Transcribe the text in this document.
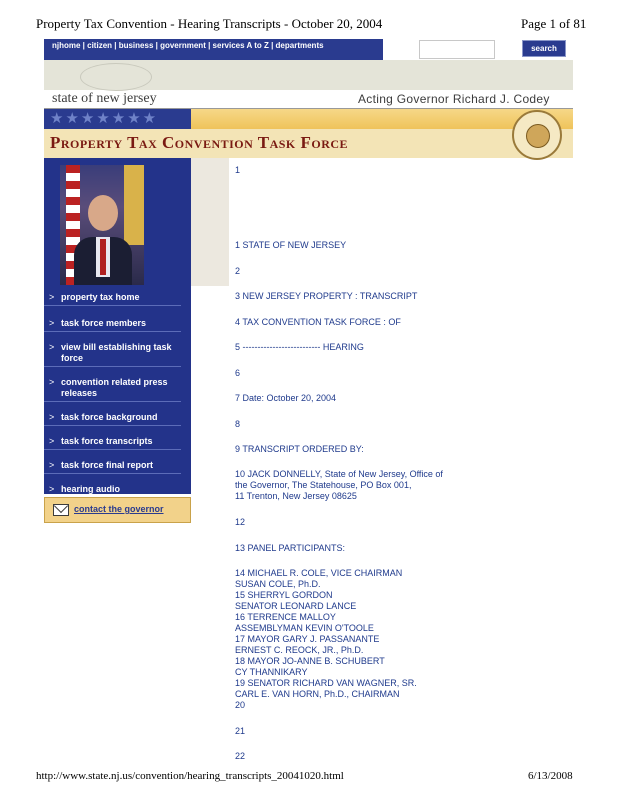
Property Tax Convention - Hearing Transcripts - October 20, 2004	Page 1 of 81
njhome | citizen | business | government | services A to Z | departments	search
state of new jersey	Acting Governor Richard J. Codey
★★★★★★★
Property Tax Convention Task Force
> property tax home
> task force members
> view bill establishing task force
> convention related press releases
> task force background
> task force transcripts
> task force final report
> hearing audio
contact the governor
1
1 STATE OF NEW JERSEY
2
3 NEW JERSEY PROPERTY : TRANSCRIPT
4 TAX CONVENTION TASK FORCE : OF
5 -------------------------- HEARING
6
7 Date: October 20, 2004
8
9 TRANSCRIPT ORDERED BY:
10 JACK DONNELLY, State of New Jersey, Office of
the Governor, The Statehouse, PO Box 001,
11 Trenton, New Jersey 08625
12
13 PANEL PARTICIPANTS:
14 MICHAEL R. COLE, VICE CHAIRMAN
SUSAN COLE, Ph.D.
15 SHERRYL GORDON
SENATOR LEONARD LANCE
16 TERRENCE MALLOY
ASSEMBLYMAN KEVIN O'TOOLE
17 MAYOR GARY J. PASSANANTE
ERNEST C. REOCK, JR., Ph.D.
18 MAYOR JO-ANNE B. SCHUBERT
CY THANNIKARY
19 SENATOR RICHARD VAN WAGNER, SR.
CARL E. VAN HORN, Ph.D., CHAIRMAN
20
21
22
http://www.state.nj.us/convention/hearing_transcripts_20041020.html	6/13/2008
